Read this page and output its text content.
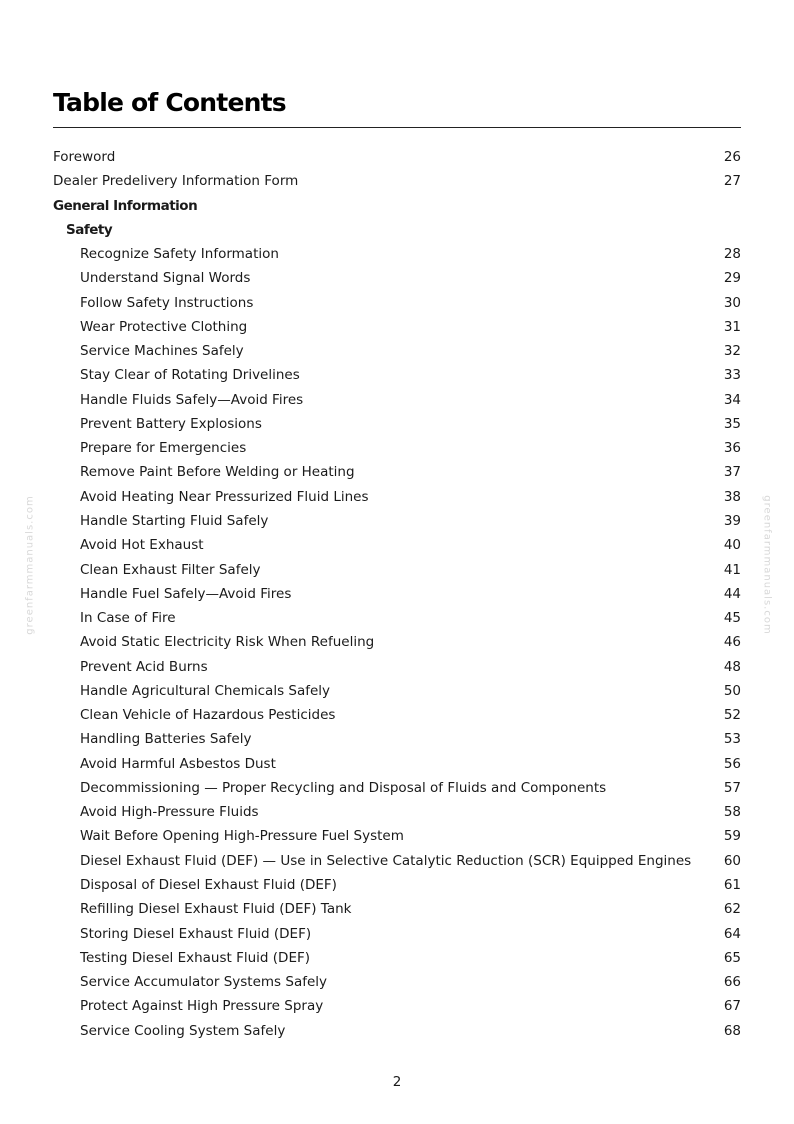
Table of Contents
Foreword	26
Dealer Predelivery Information Form	27
General Information
Safety
Recognize Safety Information	28
Understand Signal Words	29
Follow Safety Instructions	30
Wear Protective Clothing	31
Service Machines Safely	32
Stay Clear of Rotating Drivelines	33
Handle Fluids Safely—Avoid Fires	34
Prevent Battery Explosions	35
Prepare for Emergencies	36
Remove Paint Before Welding or Heating	37
Avoid Heating Near Pressurized Fluid Lines	38
Handle Starting Fluid Safely	39
Avoid Hot Exhaust	40
Clean Exhaust Filter Safely	41
Handle Fuel Safely—Avoid Fires	44
In Case of Fire	45
Avoid Static Electricity Risk When Refueling	46
Prevent Acid Burns	48
Handle Agricultural Chemicals Safely	50
Clean Vehicle of Hazardous Pesticides	52
Handling Batteries Safely	53
Avoid Harmful Asbestos Dust	56
Decommissioning — Proper Recycling and Disposal of Fluids and Components	57
Avoid High-Pressure Fluids	58
Wait Before Opening High-Pressure Fuel System	59
Diesel Exhaust Fluid (DEF) — Use in Selective Catalytic Reduction (SCR) Equipped Engines 60
Disposal of Diesel Exhaust Fluid (DEF)	61
Refilling Diesel Exhaust Fluid (DEF) Tank	62
Storing Diesel Exhaust Fluid (DEF)	64
Testing Diesel Exhaust Fluid (DEF)	65
Service Accumulator Systems Safely	66
Protect Against High Pressure Spray	67
Service Cooling System Safely	68
greenfarmmanuals.com	greenfarmmanuals.com
2
